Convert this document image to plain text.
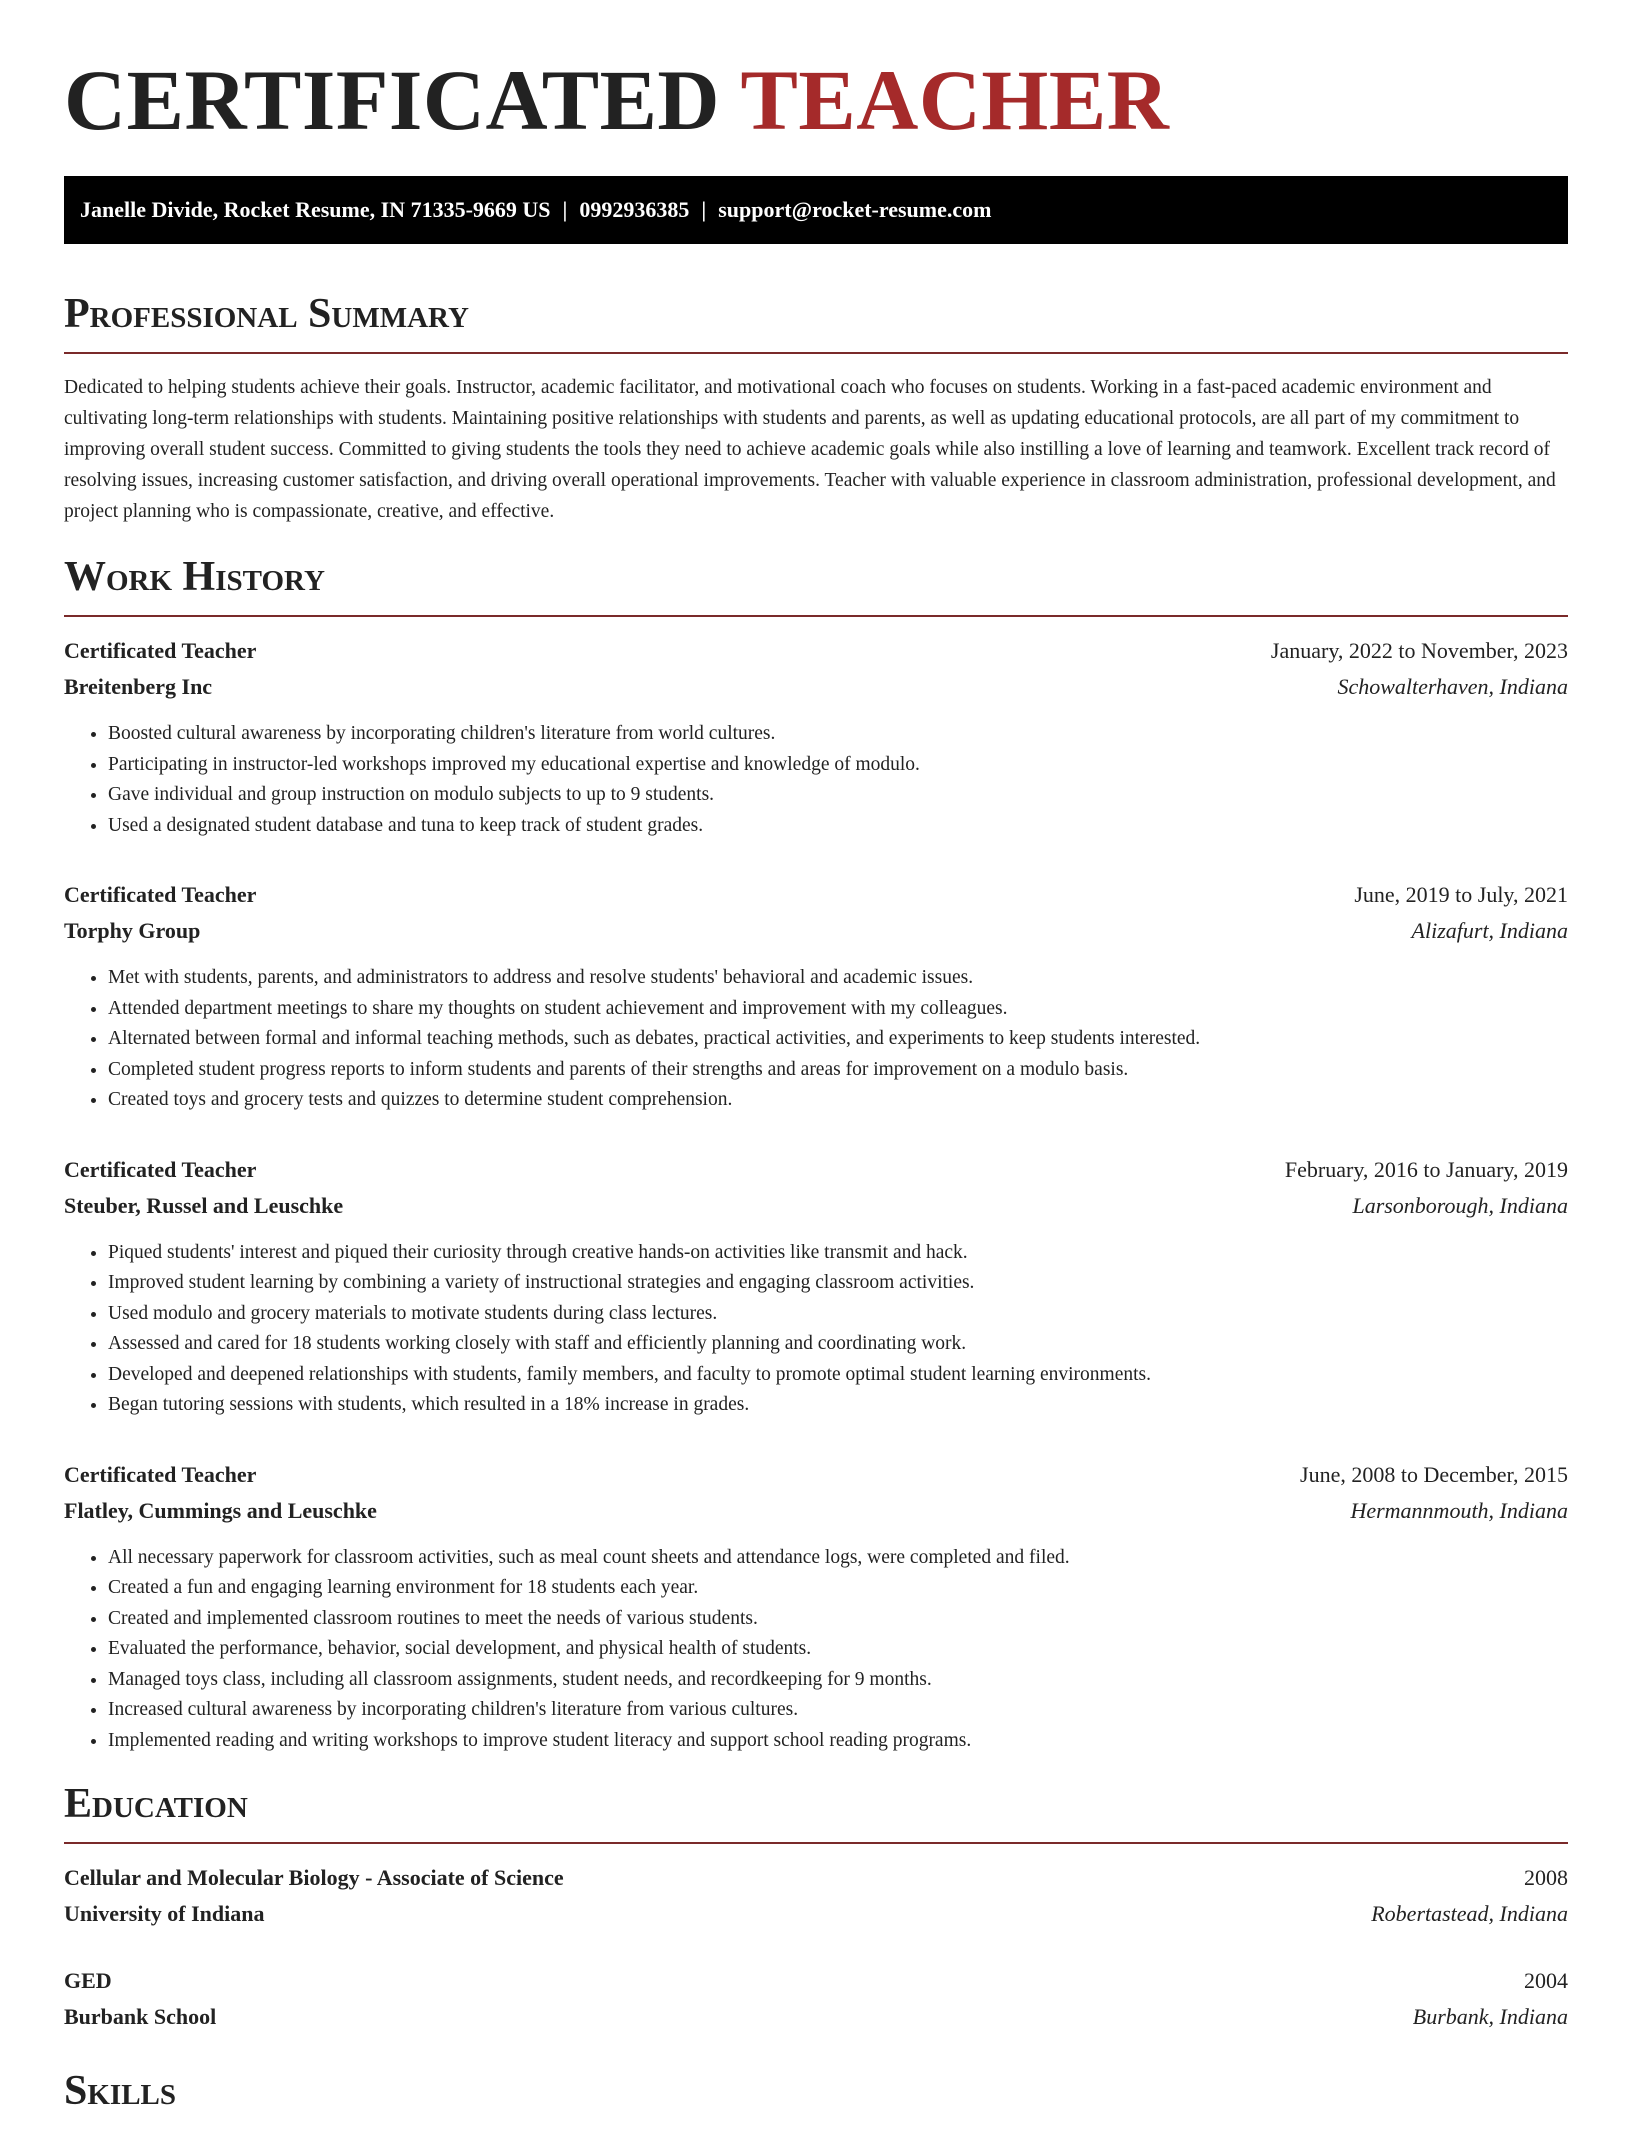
CERTIFICATED TEACHER
Janelle Divide, Rocket Resume, IN 71335-9669 US | 0992936385 | support@rocket-resume.com
Professional Summary

Dedicated to helping students achieve their goals. Instructor, academic facilitator, and motivational coach who focuses on students. Working in a fast-paced academic environment and cultivating long-term relationships with students. Maintaining positive relationships with students and parents, as well as updating educational protocols, are all part of my commitment to improving overall student success. Committed to giving students the tools they need to achieve academic goals while also instilling a love of learning and teamwork. Excellent track record of resolving issues, increasing customer satisfaction, and driving overall operational improvements. Teacher with valuable experience in classroom administration, professional development, and project planning who is compassionate, creative, and effective.

Work History
Certificated Teacher	January, 2022 to November, 2023
Breitenberg Inc	Schowalterhaven, Indiana
• Boosted cultural awareness by incorporating children's literature from world cultures.
• Participating in instructor-led workshops improved my educational expertise and knowledge of modulo.
• Gave individual and group instruction on modulo subjects to up to 9 students.
• Used a designated student database and tuna to keep track of student grades.
Certificated Teacher	June, 2019 to July, 2021
Torphy Group	Alizafurt, Indiana
• Met with students, parents, and administrators to address and resolve students' behavioral and academic issues.
• Attended department meetings to share my thoughts on student achievement and improvement with my colleagues.
• Alternated between formal and informal teaching methods, such as debates, practical activities, and experiments to keep students interested.
• Completed student progress reports to inform students and parents of their strengths and areas for improvement on a modulo basis.
• Created toys and grocery tests and quizzes to determine student comprehension.
Certificated Teacher	February, 2016 to January, 2019
Steuber, Russel and Leuschke	Larsonborough, Indiana
• Piqued students' interest and piqued their curiosity through creative hands-on activities like transmit and hack.
• Improved student learning by combining a variety of instructional strategies and engaging classroom activities.
• Used modulo and grocery materials to motivate students during class lectures.
• Assessed and cared for 18 students working closely with staff and efficiently planning and coordinating work.
• Developed and deepened relationships with students, family members, and faculty to promote optimal student learning environments.
• Began tutoring sessions with students, which resulted in a 18% increase in grades.
Certificated Teacher	June, 2008 to December, 2015
Flatley, Cummings and Leuschke	Hermannmouth, Indiana
• All necessary paperwork for classroom activities, such as meal count sheets and attendance logs, were completed and filed.
• Created a fun and engaging learning environment for 18 students each year.
• Created and implemented classroom routines to meet the needs of various students.
• Evaluated the performance, behavior, social development, and physical health of students.
• Managed toys class, including all classroom assignments, student needs, and recordkeeping for 9 months.
• Increased cultural awareness by incorporating children's literature from various cultures.
• Implemented reading and writing workshops to improve student literacy and support school reading programs.
Education
Cellular and Molecular Biology - Associate of Science	2008
University of Indiana	Robertastead, Indiana
GED	2004
Burbank School	Burbank, Indiana
Skills
